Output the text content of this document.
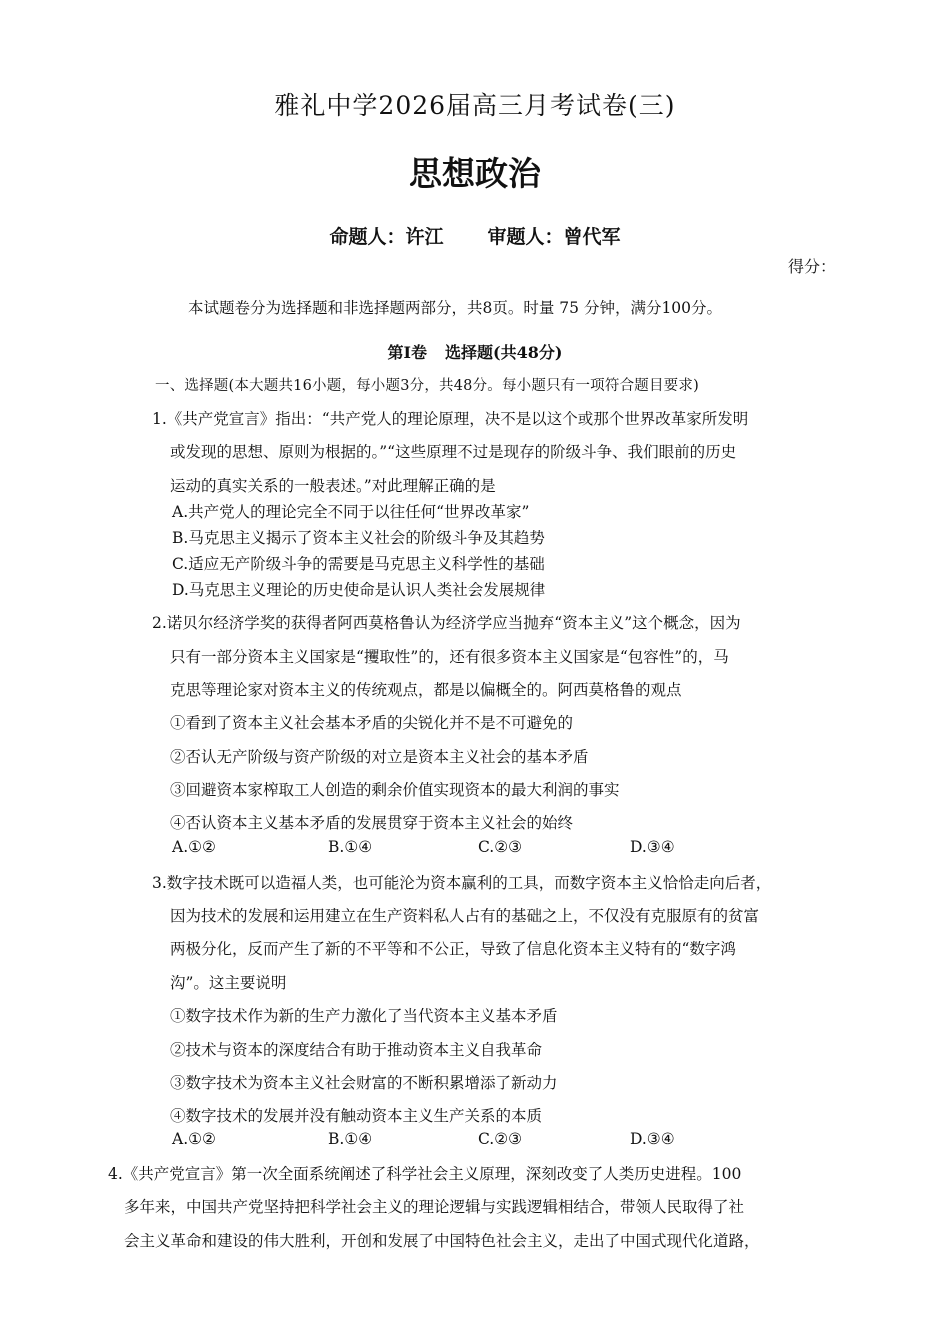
雅礼中学2026届高三月考试卷(三)
思想政治
命题人：许江 审题人：曾代军
得分：
本试题卷分为选择题和非选择题两部分，共8页。时量 75 分钟，满分100分。
第Ⅰ卷 选择题(共48分)
一、选择题(本大题共16小题，每小题3分，共48分。每小题只有一项符合题目要求)
1.《共产党宣言》指出：“共产党人的理论原理，决不是以这个或那个世界改革家所发明
或发现的思想、原则为根据的。”“这些原理不过是现存的阶级斗争、我们眼前的历史
运动的真实关系的一般表述。”对此理解正确的是
A.共产党人的理论完全不同于以往任何“世界改革家”
B.马克思主义揭示了资本主义社会的阶级斗争及其趋势
C.适应无产阶级斗争的需要是马克思主义科学性的基础
D.马克思主义理论的历史使命是认识人类社会发展规律
2.诺贝尔经济学奖的获得者阿西莫格鲁认为经济学应当抛弃“资本主义”这个概念，因为
只有一部分资本主义国家是“攫取性”的，还有很多资本主义国家是“包容性”的，马
克思等理论家对资本主义的传统观点，都是以偏概全的。阿西莫格鲁的观点
①看到了资本主义社会基本矛盾的尖锐化并不是不可避免的
②否认无产阶级与资产阶级的对立是资本主义社会的基本矛盾
③回避资本家榨取工人创造的剩余价值实现资本的最大利润的事实
④否认资本主义基本矛盾的发展贯穿于资本主义社会的始终
A.①②	B.①④	C.②③	D.③④
3.数字技术既可以造福人类，也可能沦为资本赢利的工具，而数字资本主义恰恰走向后者，
因为技术的发展和运用建立在生产资料私人占有的基础之上，不仅没有克服原有的贫富
两极分化，反而产生了新的不平等和不公正，导致了信息化资本主义特有的“数字鸿
沟”。这主要说明
①数字技术作为新的生产力激化了当代资本主义基本矛盾
②技术与资本的深度结合有助于推动资本主义自我革命
③数字技术为资本主义社会财富的不断积累增添了新动力
④数字技术的发展并没有触动资本主义生产关系的本质
A.①②	B.①④	C.②③	D.③④
4.《共产党宣言》第一次全面系统阐述了科学社会主义原理，深刻改变了人类历史进程。100
多年来，中国共产党坚持把科学社会主义的理论逻辑与实践逻辑相结合，带领人民取得了社
会主义革命和建设的伟大胜利，开创和发展了中国特色社会主义，走出了中国式现代化道路，
